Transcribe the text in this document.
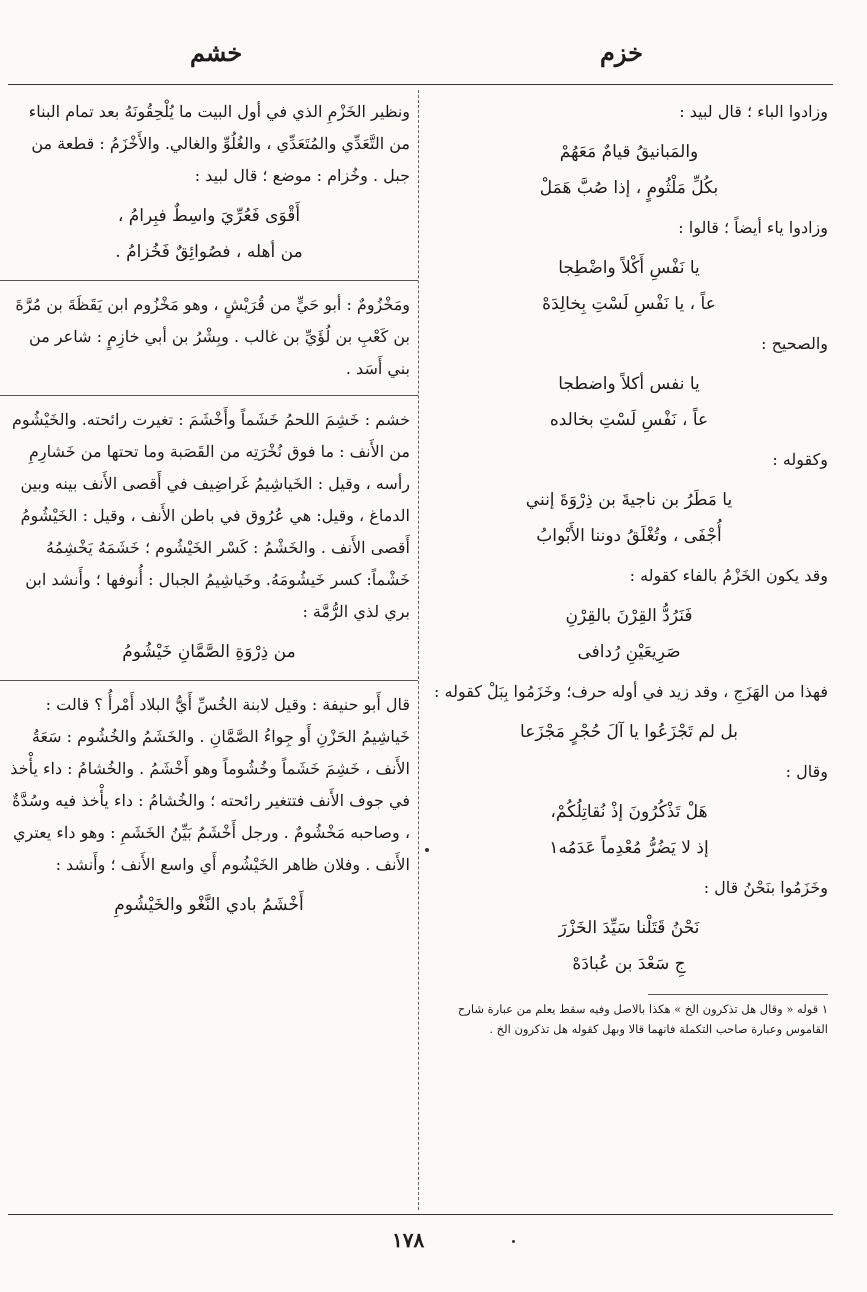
خشم	خزم

وزادوا الباء ؛ قال لبيد :

والمَبانيقُ قيامٌ مَعَهُمْ
بكُلِّ مَلْثُومٍ ، إذا صُبَّ هَمَلْ

وزادوا ياء أيضاً ؛ قالوا :

يا نَفْسِ أَكْلاً واضْطِجا
عاً ، يا نَفْسِ لَسْتِ بِخالِدَهْ

والصحيح :

يا نفس أكلاً واضطجا
عاً ، نَفْسِ لَسْتِ بخالده

وكقوله :

يا مَطَرُ بن ناجيةَ بن ذِرْوَةَ إنني
أُجْفَى ، وتُغْلَقُ دوننا الأَبْوابُ

وقد يكون الخَزْمُ بالفاء كقوله :

فَنَرُدُّ القِرْنَ بالقِرْنِ
صَرِيعَيْنِ رُدافى

فهذا من الهَزَجِ ، وقد زيد في أوله حرف؛ وخَزَمُوا بِبَلْ كقوله :

بل لم تَجْزَعُوا يا آلَ حُجْرٍ مَجْزَعا

وقال :

هَلْ تَذْكُرُونَ إذْ نُقاتِلُكُمْ،
إذ لا يَضُرُّ مُعْدِماً عَدَمُه١

وخَزَمُوا بنَحْنُ قال :

نَحْنُ قَتَلْنا سَيِّدَ الخَزْرَ
جِ سَعْدَ بن عُبادَهْ

١ قوله « وقال هل تذكرون الخ » هكذا بالاصل وفيه سقط يعلم من عبارة شارح القاموس وعبارة صاحب التكملة فانهما قالا وبهل كقوله هل تذكرون الخ .

ونظير الخَزْمِ الذي في أول البيت ما يُلْحِقُونَهُ بعد تمام البناء من التَّعَدِّي والمُتَعَدِّي ، والغُلُوِّ والغالي. والأَخْزَمُ : قطعة من جبل . وخُزام : موضع ؛ قال لبيد :

أَقْوَى فَعُرِّيَ واسِطٌ فبِرامُ ،
من أهله ، فصُوائِقٌ فَخُزامُ .

ومَخْزُومٌ : أبو حَيٍّ من قُرَيْشٍ ، وهو مَخْزُوم ابن يَقَظَةَ بن مُرَّةَ بن كَعْبِ بن لُؤَيِّ بن غالب . وبِشْرُ بن أبي خازِمٍ : شاعر من بني أَسَد .

خشم : خَشِمَ اللحمُ خَشَماً وأَخْشَمَ : تغيرت رائحته. والخَيْشُوم من الأَنف : ما فوق نُخْرَتِه من القَصَبة وما تحتها من خَشارِمِ رأسه ، وقيل : الخَياشِيمُ غَراضِيف في أَقصى الأَنف بينه وبين الدماغ ، وقيل: هي عُرُوق في باطن الأَنف ، وقيل : الخَيْشُومُ أَقصى الأَنف . والخَشْمُ : كَسْر الخَيْشُوم ؛ خَشَمَهُ يَخْشِمُهُ خَشْماً: كسر خَيشُومَهُ. وخَياشِيمُ الجبال : أُنوفها ؛ وأَنشد ابن بري لذي الرُّمَّة :

من ذِرْوَةِ الصَّمَّانِ خَيْشُومُ

قال أَبو حنيفة : وقيل لابنة الخُسِّ أَيُّ البلاد أَمْرأُ ؟ قالت : خَياشِيمُ الحَزْنِ أَو جِواءُ الصَّمَّانِ . والخَشَمُ والخُشُوم : سَعَةُ الأَنف ، خَشِمَ خَشَماً وخُشُوماً وهو أَخْشَمُ . والخُشامُ : داء يأْخذ في جوف الأَنف فتتغير رائحته ؛ والخُشامُ : داء يأْخذ فيه وسُدَّةٌ ، وصاحبه مَخْشُومٌ . ورجل أَخْشَمُ بَيِّنُ الخَشَمِ : وهو داء يعتري الأَنف . وفلان ظاهر الخَيْشُوم أَي واسع الأَنف ؛ وأَنشد :

أَخْشَمُ بادي النَّغْو والخَيْشُومِ
١٧٨
